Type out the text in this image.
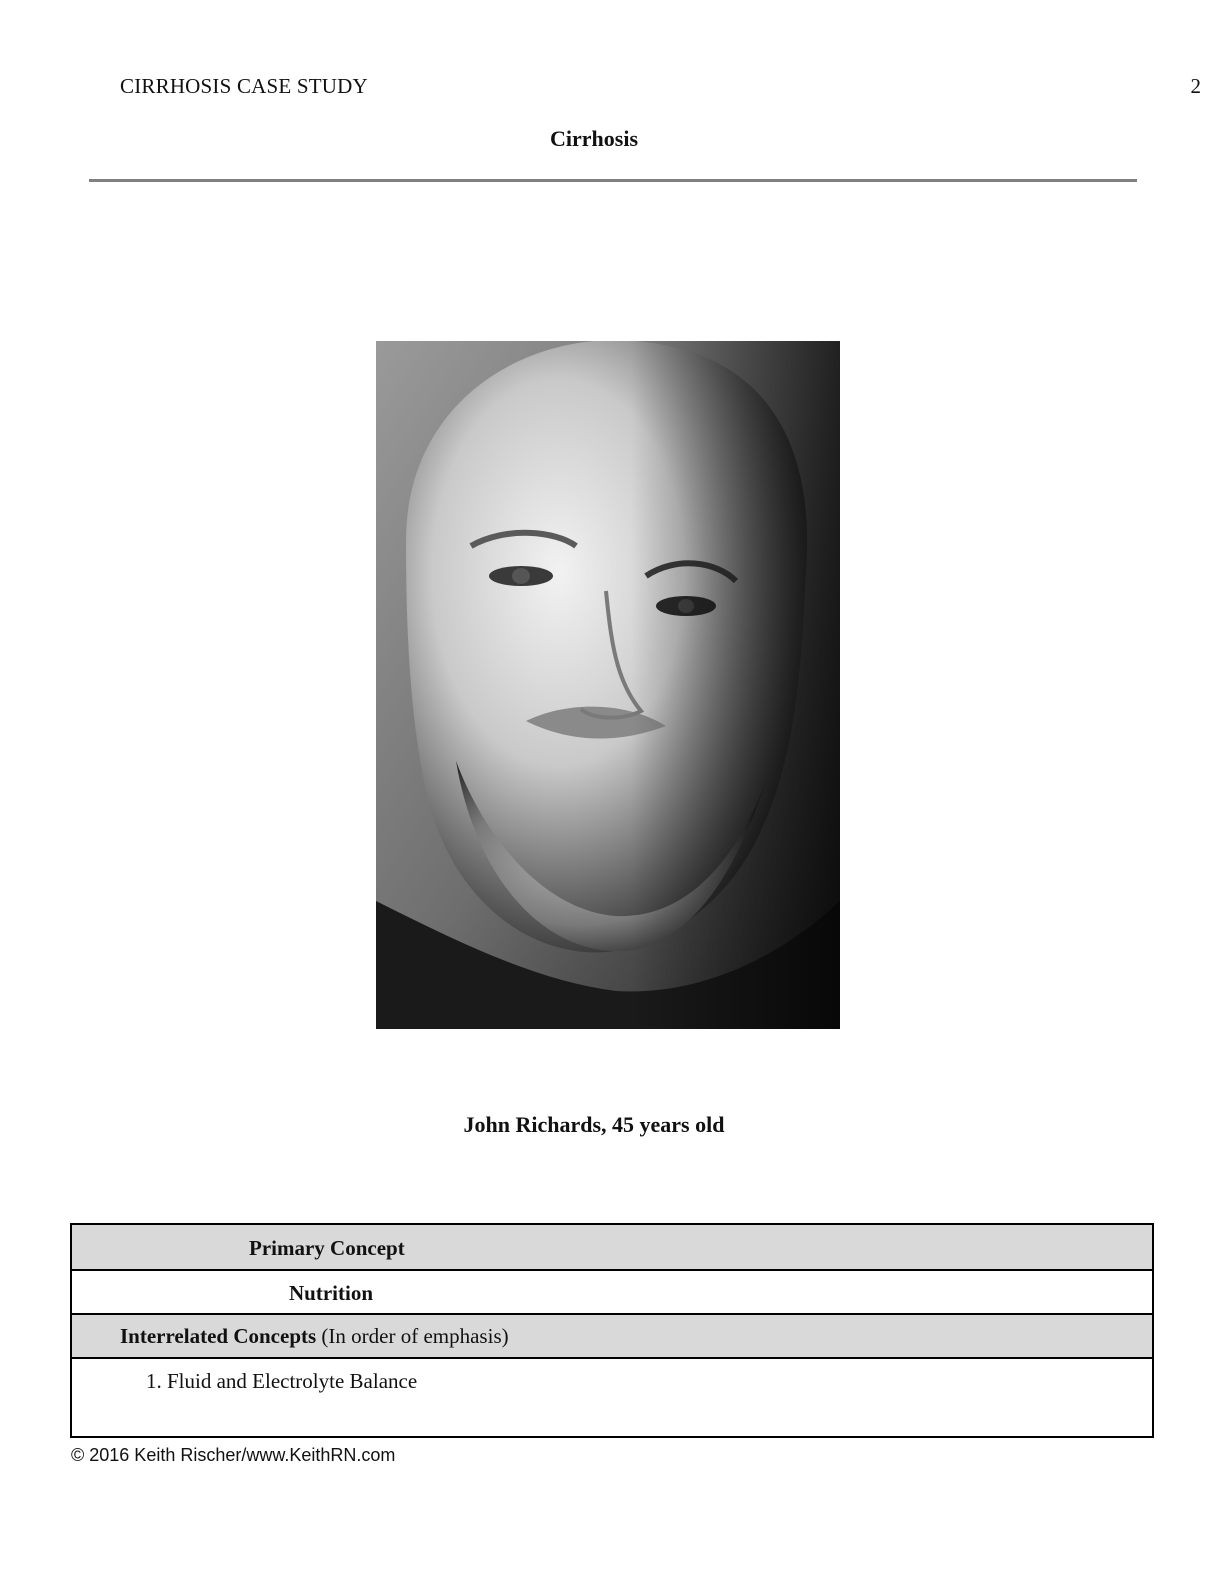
CIRRHOSIS CASE STUDY	2
Cirrhosis
John Richards, 45 years old
Primary Concept
Nutrition
Interrelated Concepts (In order of emphasis)
1. Fluid and Electrolyte Balance
© 2016 Keith Rischer/www.KeithRN.com
